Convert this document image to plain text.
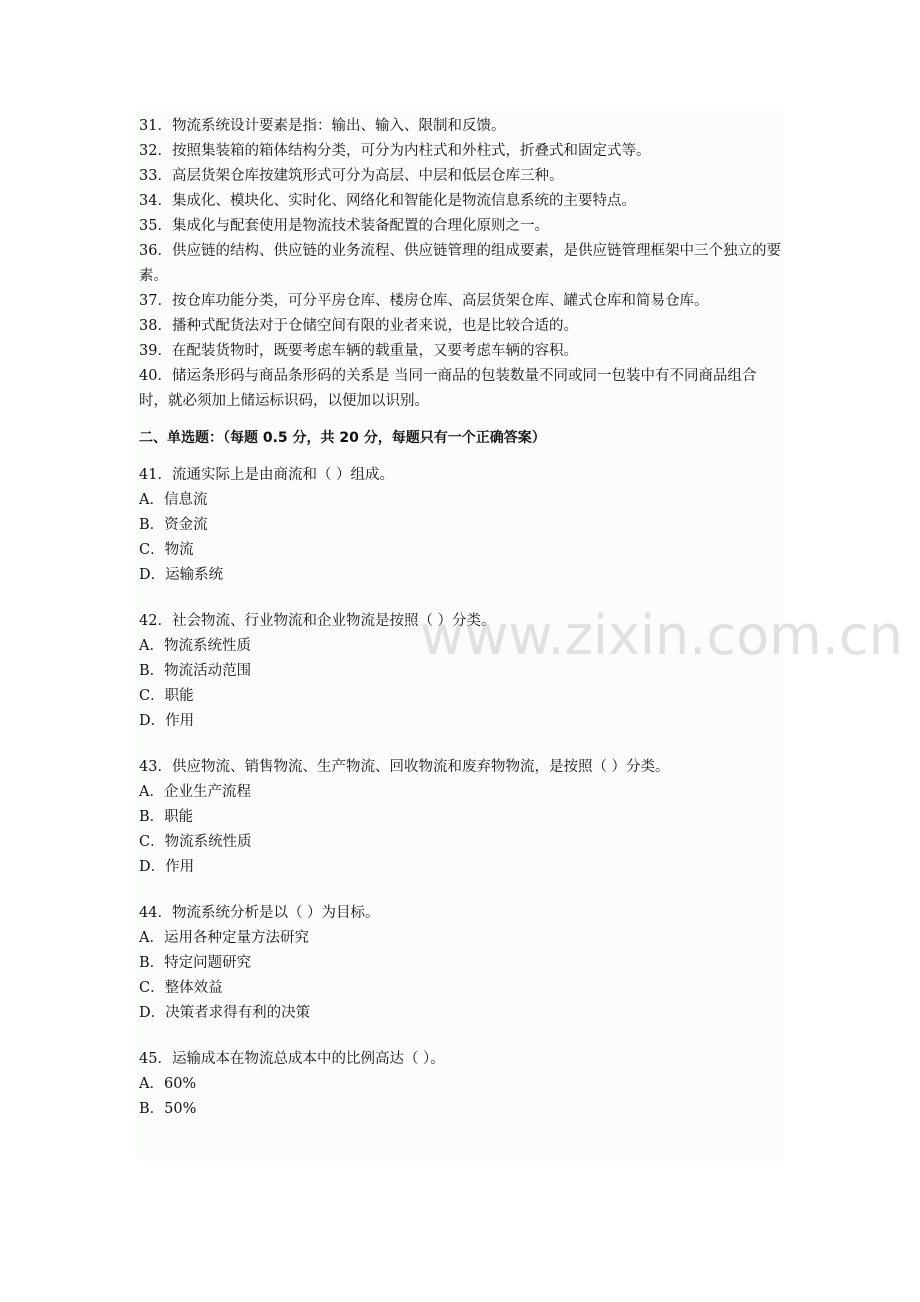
31．物流系统设计要素是指：输出、输入、限制和反馈。

32．按照集装箱的箱体结构分类，可分为内柱式和外柱式，折叠式和固定式等。

33．高层货架仓库按建筑形式可分为高层、中层和低层仓库三种。

34．集成化、模块化、实时化、网络化和智能化是物流信息系统的主要特点。

35．集成化与配套使用是物流技术装备配置的合理化原则之一。

36．供应链的结构、供应链的业务流程、供应链管理的组成要素，是供应链管理框架中三个独立的要素。

37．按仓库功能分类，可分平房仓库、楼房仓库、高层货架仓库、罐式仓库和简易仓库。

38．播种式配货法对于仓储空间有限的业者来说，也是比较合适的。

39．在配装货物时，既要考虑车辆的载重量，又要考虑车辆的容积。

40．储运条形码与商品条形码的关系是 当同一商品的包装数量不同或同一包装中有不同商品组合时，就必须加上储运标识码，以便加以识别。

二、单选题：（每题 0.5 分，共 20 分，每题只有一个正确答案）

41．流通实际上是由商流和（ ）组成。

A．信息流

B．资金流

C．物流

D．运输系统

42．社会物流、行业物流和企业物流是按照（ ）分类。

A．物流系统性质

B．物流活动范围

C．职能

D．作用

43．供应物流、销售物流、生产物流、回收物流和废弃物物流，是按照（ ）分类。

A．企业生产流程

B．职能

C．物流系统性质

D．作用

44．物流系统分析是以（ ）为目标。

A．运用各种定量方法研究

B．特定问题研究

C．整体效益

D．决策者求得有利的决策

45．运输成本在物流总成本中的比例高达（ ）。

A．60%

B．50%

www.zixin.com.cn
